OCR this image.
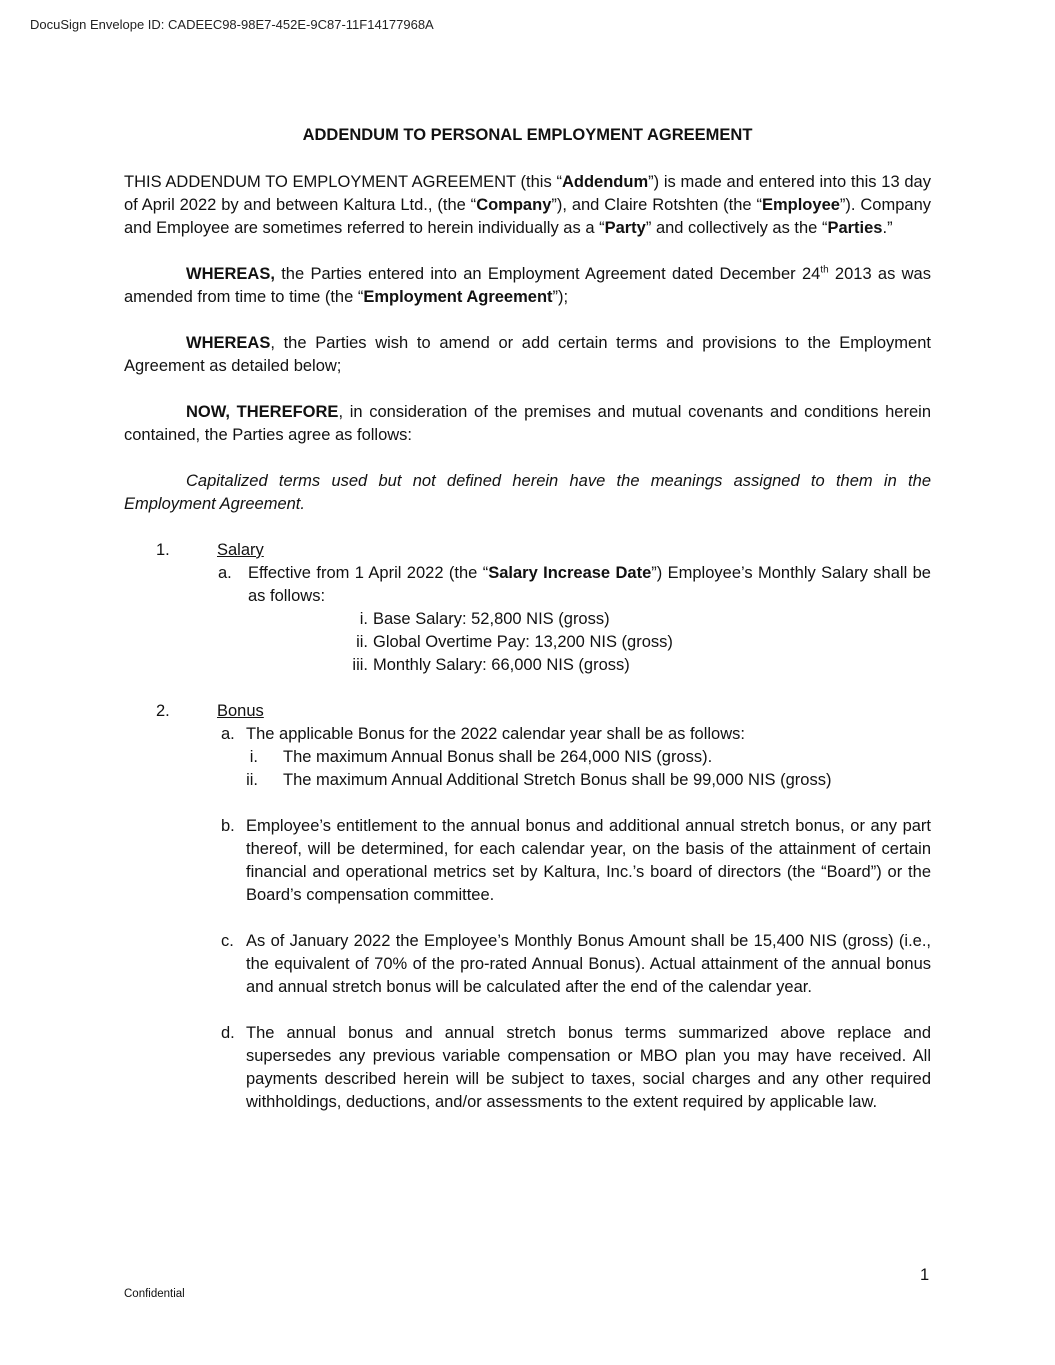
DocuSign Envelope ID: CADEEC98-98E7-452E-9C87-11F14177968A
ADDENDUM TO PERSONAL EMPLOYMENT AGREEMENT

THIS ADDENDUM TO EMPLOYMENT AGREEMENT (this “Addendum”) is made and entered into this 13 day of April 2022 by and between Kaltura Ltd., (the “Company”), and Claire Rotshten (the “Employee”). Company and Employee are sometimes referred to herein individually as a “Party” and collectively as the “Parties.”

WHEREAS, the Parties entered into an Employment Agreement dated December 24th 2013 as was amended from time to time (the “Employment Agreement”);

WHEREAS, the Parties wish to amend or add certain terms and provisions to the Employment Agreement as detailed below;

NOW, THEREFORE, in consideration of the premises and mutual covenants and conditions herein contained, the Parties agree as follows:

Capitalized terms used but not defined herein have the meanings assigned to them in the Employment Agreement.

1.	Salary
a. Effective from 1 April 2022 (the “Salary Increase Date”) Employee’s Monthly Salary shall be as follows:
i. Base Salary: 52,800 NIS (gross)
ii. Global Overtime Pay: 13,200 NIS (gross)
iii. Monthly Salary: 66,000 NIS (gross)
2.	Bonus
a. The applicable Bonus for the 2022 calendar year shall be as follows:
i. The maximum Annual Bonus shall be 264,000 NIS (gross).
ii. The maximum Annual Additional Stretch Bonus shall be 99,000 NIS (gross)
b. Employee’s entitlement to the annual bonus and additional annual stretch bonus, or any part thereof, will be determined, for each calendar year, on the basis of the attainment of certain financial and operational metrics set by Kaltura, Inc.’s board of directors (the “Board”) or the Board’s compensation committee.
c. As of January 2022 the Employee’s Monthly Bonus Amount shall be 15,400 NIS (gross) (i.e., the equivalent of 70% of the pro-rated Annual Bonus). Actual attainment of the annual bonus and annual stretch bonus will be calculated after the end of the calendar year.
d. The annual bonus and annual stretch bonus terms summarized above replace and supersedes any previous variable compensation or MBO plan you may have received. All payments described herein will be subject to taxes, social charges and any other required withholdings, deductions, and/or assessments to the extent required by applicable law.
1
Confidential
